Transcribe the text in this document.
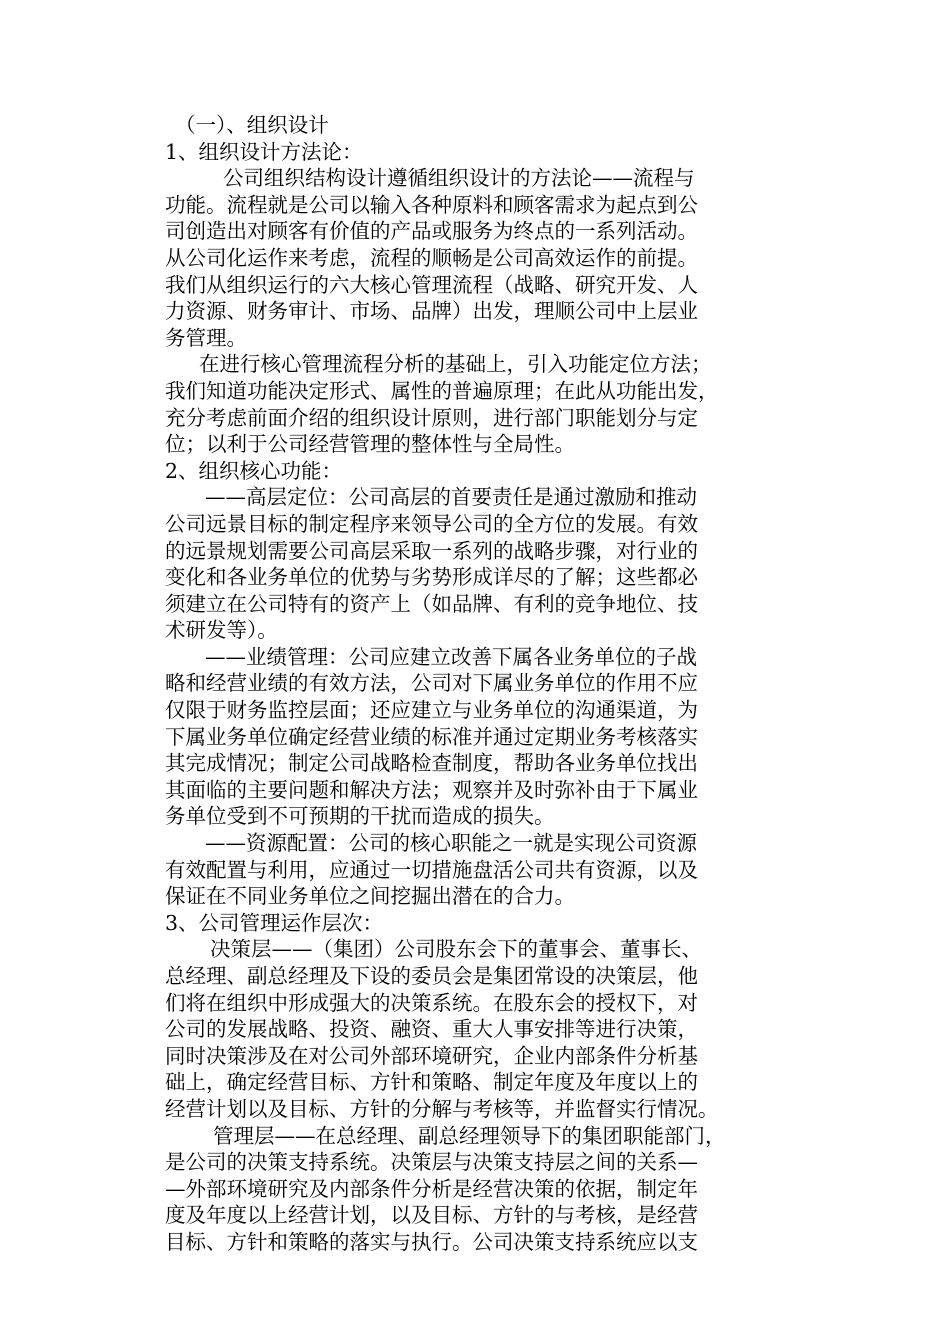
（一）、组织设计
1、组织设计方法论：
公司组织结构设计遵循组织设计的方法论——流程与
功能。流程就是公司以输入各种原料和顾客需求为起点到公
司创造出对顾客有价值的产品或服务为终点的一系列活动。
从公司化运作来考虑，流程的顺畅是公司高效运作的前提。
我们从组织运行的六大核心管理流程（战略、研究开发、人
力资源、财务审计、市场、品牌）出发，理顺公司中上层业
务管理。
在进行核心管理流程分析的基础上，引入功能定位方法；
我们知道功能决定形式、属性的普遍原理；在此从功能出发，
充分考虑前面介绍的组织设计原则，进行部门职能划分与定
位；以利于公司经营管理的整体性与全局性。
2、组织核心功能：
——高层定位：公司高层的首要责任是通过激励和推动
公司远景目标的制定程序来领导公司的全方位的发展。有效
的远景规划需要公司高层采取一系列的战略步骤，对行业的
变化和各业务单位的优势与劣势形成详尽的了解；这些都必
须建立在公司特有的资产上（如品牌、有利的竞争地位、技
术研发等）。
——业绩管理：公司应建立改善下属各业务单位的子战
略和经营业绩的有效方法，公司对下属业务单位的作用不应
仅限于财务监控层面；还应建立与业务单位的沟通渠道，为
下属业务单位确定经营业绩的标准并通过定期业务考核落实
其完成情况；制定公司战略检查制度，帮助各业务单位找出
其面临的主要问题和解决方法；观察并及时弥补由于下属业
务单位受到不可预期的干扰而造成的损失。
——资源配置：公司的核心职能之一就是实现公司资源
有效配置与利用，应通过一切措施盘活公司共有资源，以及
保证在不同业务单位之间挖掘出潜在的合力。
3、公司管理运作层次：
决策层——（集团）公司股东会下的董事会、董事长、
总经理、副总经理及下设的委员会是集团常设的决策层，他
们将在组织中形成强大的决策系统。在股东会的授权下，对
公司的发展战略、投资、融资、重大人事安排等进行决策，
同时决策涉及在对公司外部环境研究，企业内部条件分析基
础上，确定经营目标、方针和策略、制定年度及年度以上的
经营计划以及目标、方针的分解与考核等，并监督实行情况。
管理层——在总经理、副总经理领导下的集团职能部门，
是公司的决策支持系统。决策层与决策支持层之间的关系—
—外部环境研究及内部条件分析是经营决策的依据，制定年
度及年度以上经营计划，以及目标、方针的与考核，是经营
目标、方针和策略的落实与执行。公司决策支持系统应以支
